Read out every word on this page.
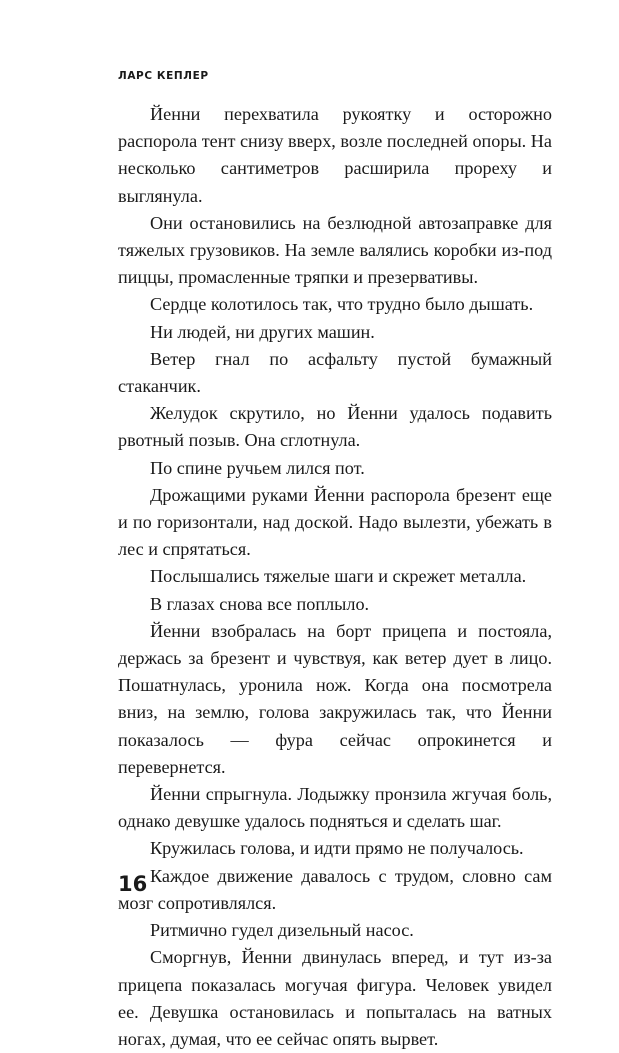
ЛАРС КЕПЛЕР

Йенни перехватила рукоятку и осторожно распорола тент снизу вверх, возле последней опоры. На несколько сантиметров расширила прореху и выглянула.

Они остановились на безлюдной автозаправке для тяжелых грузовиков. На земле валялись коробки из-под пиццы, промасленные тряпки и презервативы.

Сердце колотилось так, что трудно было дышать.

Ни людей, ни других машин.

Ветер гнал по асфальту пустой бумажный стаканчик.

Желудок скрутило, но Йенни удалось подавить рвотный позыв. Она сглотнула.

По спине ручьем лился пот.

Дрожащими руками Йенни распорола брезент еще и по горизонтали, над доской. Надо вылезти, убежать в лес и спрятаться.

Послышались тяжелые шаги и скрежет металла.

В глазах снова все поплыло.

Йенни взобралась на борт прицепа и постояла, держась за брезент и чувствуя, как ветер дует в лицо. Пошатнулась, уронила нож. Когда она посмотрела вниз, на землю, голова закружилась так, что Йенни показалось — фура сейчас опрокинется и перевернется.

Йенни спрыгнула. Лодыжку пронзила жгучая боль, однако девушке удалось подняться и сделать шаг.

Кружилась голова, и идти прямо не получалось.

Каждое движение давалось с трудом, словно сам мозг сопротивлялся.

Ритмично гудел дизельный насос.

Сморгнув, Йенни двинулась вперед, и тут из-за прицепа показалась могучая фигура. Человек увидел ее. Девушка остановилась и попыталась на ватных ногах, думая, что ее сейчас опять вырвет.

16
